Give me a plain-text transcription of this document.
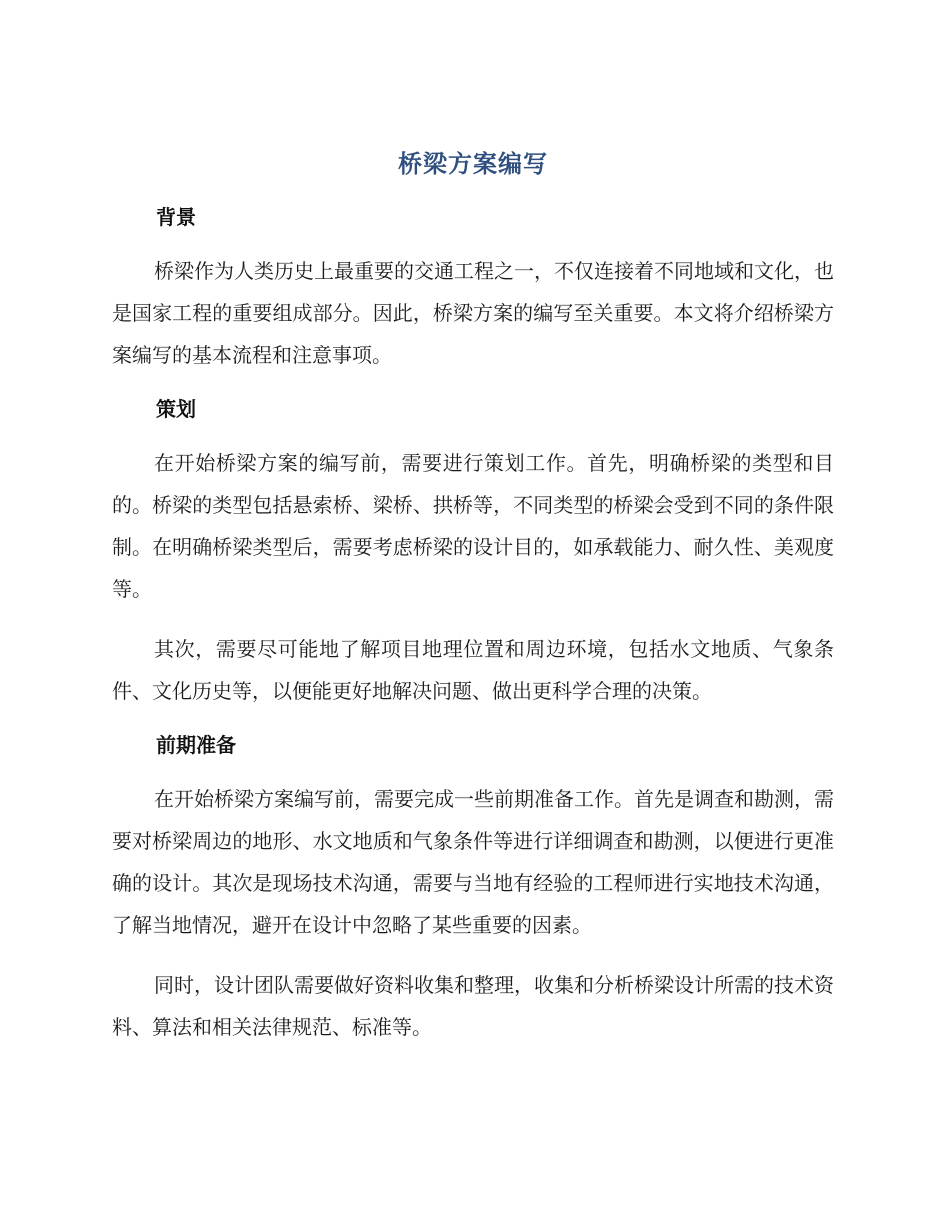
桥梁方案编写
背景

桥梁作为人类历史上最重要的交通工程之一，不仅连接着不同地域和文化，也是国家工程的重要组成部分。因此，桥梁方案的编写至关重要。本文将介绍桥梁方案编写的基本流程和注意事项。

策划

在开始桥梁方案的编写前，需要进行策划工作。首先，明确桥梁的类型和目的。桥梁的类型包括悬索桥、梁桥、拱桥等，不同类型的桥梁会受到不同的条件限制。在明确桥梁类型后，需要考虑桥梁的设计目的，如承载能力、耐久性、美观度等。

其次，需要尽可能地了解项目地理位置和周边环境，包括水文地质、气象条件、文化历史等，以便能更好地解决问题、做出更科学合理的决策。

前期准备

在开始桥梁方案编写前，需要完成一些前期准备工作。首先是调查和勘测，需要对桥梁周边的地形、水文地质和气象条件等进行详细调查和勘测，以便进行更准确的设计。其次是现场技术沟通，需要与当地有经验的工程师进行实地技术沟通，了解当地情况，避开在设计中忽略了某些重要的因素。

同时，设计团队需要做好资料收集和整理，收集和分析桥梁设计所需的技术资料、算法和相关法律规范、标准等。
